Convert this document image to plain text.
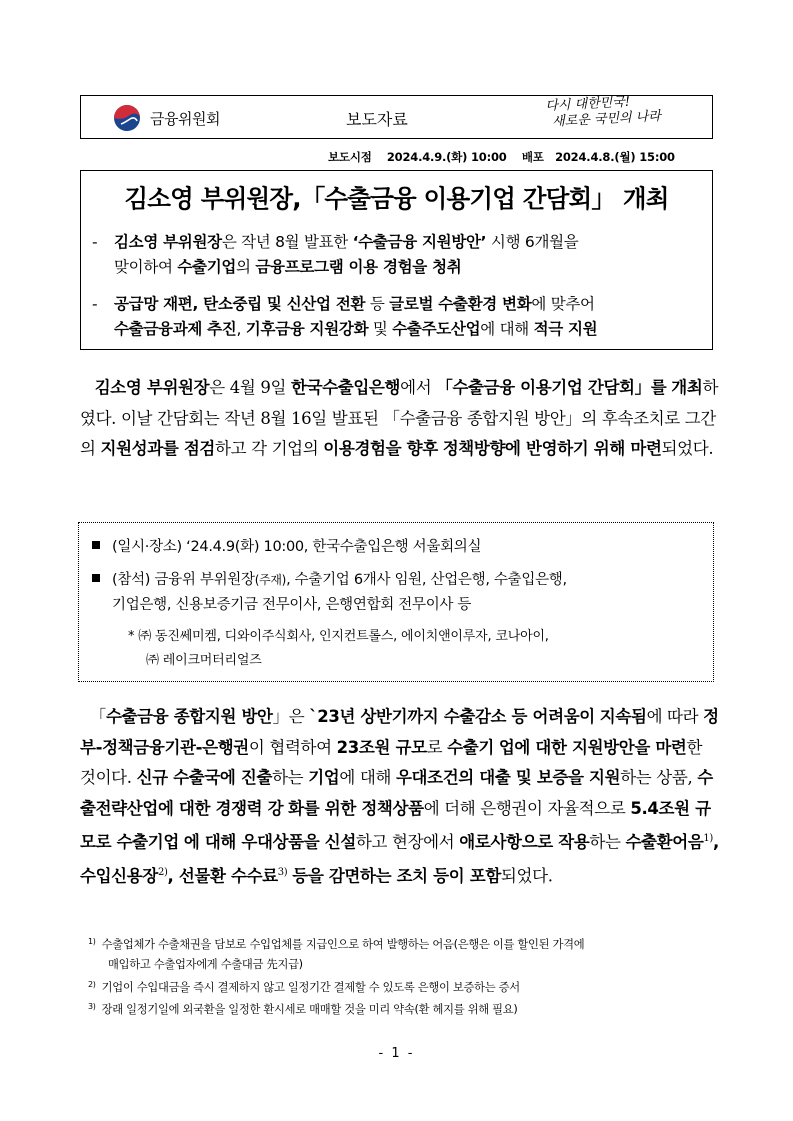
금융위원회	보도자료
다시 대한민국!
새로운 국민의 나라
보도시점 2024.4.9.(화) 10:00 배포 2024.4.8.(월) 15:00
김소영 부위원장,「수출금융 이용기업 간담회」 개최
- 김소영 부위원장은 작년 8월 발표한 ‘수출금융 지원방안’ 시행 6개월을
맞이하여 수출기업의 금융프로그램 이용 경험을 청취
- 공급망 재편, 탄소중립 및 신산업 전환 등 글로벌 수출환경 변화에 맞추어
수출금융과제 추진, 기후금융 지원강화 및 수출주도산업에 대해 적극 지원
김소영 부위원장은 4월 9일 한국수출입은행에서 「수출금융 이용기업 간담회」를 개최하였다. 이날 간담회는 작년 8월 16일 발표된 「수출금융 종합지원 방안」의 후속조치로 그간의 지원성과를 점검하고 각 기업의 이용경험을 향후 정책방향에 반영하기 위해 마련되었다.
(일시·장소) ‘24.4.9(화) 10:00, 한국수출입은행 서울회의실
(참석) 금융위 부위원장(주재), 수출기업 6개사 임원, 산업은행, 수출입은행,
기업은행, 신용보증기금 전무이사, 은행연합회 전무이사 등
* ㈜ 동진쎄미켐, 디와이주식회사, 인지컨트롤스, 에이치앤이루자, 코나아이,
㈜ 레이크머터리얼즈
「수출금융 종합지원 방안」은 `23년 상반기까지 수출감소 등 어려움이 지속됨에 따라 정부-정책금융기관-은행권이 협력하여 23조원 규모로 수출기 업에 대한 지원방안을 마련한 것이다. 신규 수출국에 진출하는 기업에 대해 우대조건의 대출 및 보증을 지원하는 상품, 수출전략산업에 대한 경쟁력 강 화를 위한 정책상품에 더해 은행권이 자율적으로 5.4조원 규모로 수출기업 에 대해 우대상품을 신설하고 현장에서 애로사항으로 작용하는 수출환어음$^{1)}$, 수입신용장$^{2)}$, 선물환 수수료$^{3)}$ 등을 감면하는 조치 등이 포함되었다.
$^{1)}$ 수출업체가 수출채권을 담보로 수입업체를 지급인으로 하여 발행하는 어음(은행은 이를 할인된 가격에
매입하고 수출업자에게 수출대금 先지급)
$^{2)}$ 기업이 수입대금을 즉시 결제하지 않고 일정기간 결제할 수 있도록 은행이 보증하는 증서
$^{3)}$ 장래 일정기일에 외국환을 일정한 환시세로 매매할 것을 미리 약속(환 헤지를 위해 필요)
- 1 -
